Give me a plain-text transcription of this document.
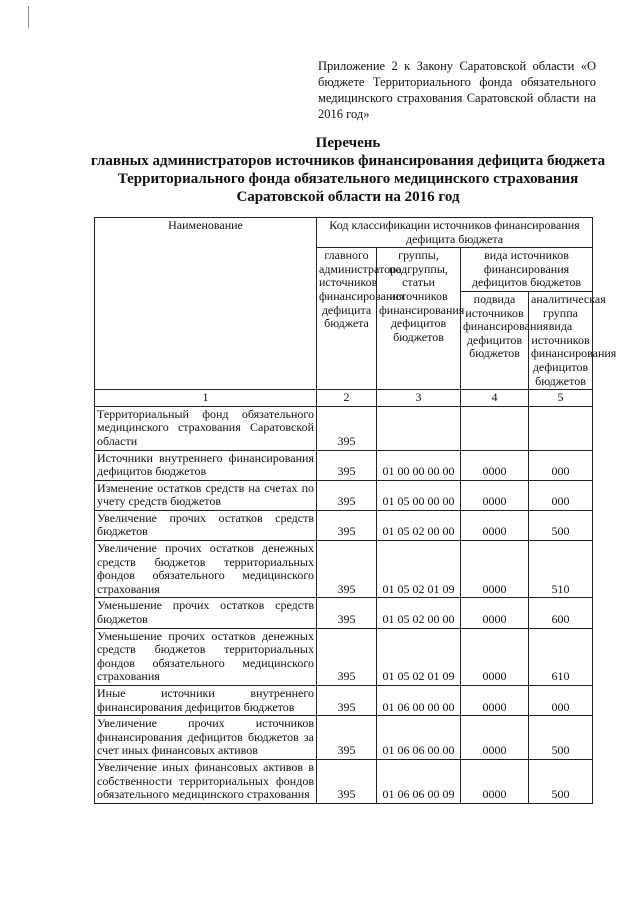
Приложение 2 к Закону Саратовской области «О бюджете Территориального фонда обязательного медицинского страхования Саратовской области на 2016 год»
Перечень
главных администраторов источников финансирования дефицита бюджета Территориального фонда обязательного медицинского страхования Саратовской области на 2016 год
Наименование	Код классификации источников финансирования дефицита бюджета			
	главного администратора источников финансирования дефицита бюджета	группы, подгруппы, статьи источников финансирования дефицитов бюджетов	вида источников финансирования дефицитов бюджетов	
			подвида источников финансирования дефицитов бюджетов	аналитическая группа вида источников финансирования дефицитов бюджетов
1	2	3	4	5
Территориальный фонд обязательного медицинского страхования Саратовской области	395			
Источники внутреннего финансирования дефицитов бюджетов	395	01 00 00 00 00	0000	000
Изменение остатков средств на счетах по учету средств бюджетов	395	01 05 00 00 00	0000	000
Увеличение прочих остатков средств бюджетов	395	01 05 02 00 00	0000	500
Увеличение прочих остатков денежных средств бюджетов территориальных фондов обязательного медицинского страхования	395	01 05 02 01 09	0000	510
Уменьшение прочих остатков средств бюджетов	395	01 05 02 00 00	0000	600
Уменьшение прочих остатков денежных средств бюджетов территориальных фондов обязательного медицинского страхования	395	01 05 02 01 09	0000	610
Иные источники внутреннего финансирования дефицитов бюджетов	395	01 06 00 00 00	0000	000
Увеличение прочих источников финансирования дефицитов бюджетов за счет иных финансовых активов	395	01 06 06 00 00	0000	500
Увеличение иных финансовых активов в собственности территориальных фондов обязательного медицинского страхования	395	01 06 06 00 09	0000	500
